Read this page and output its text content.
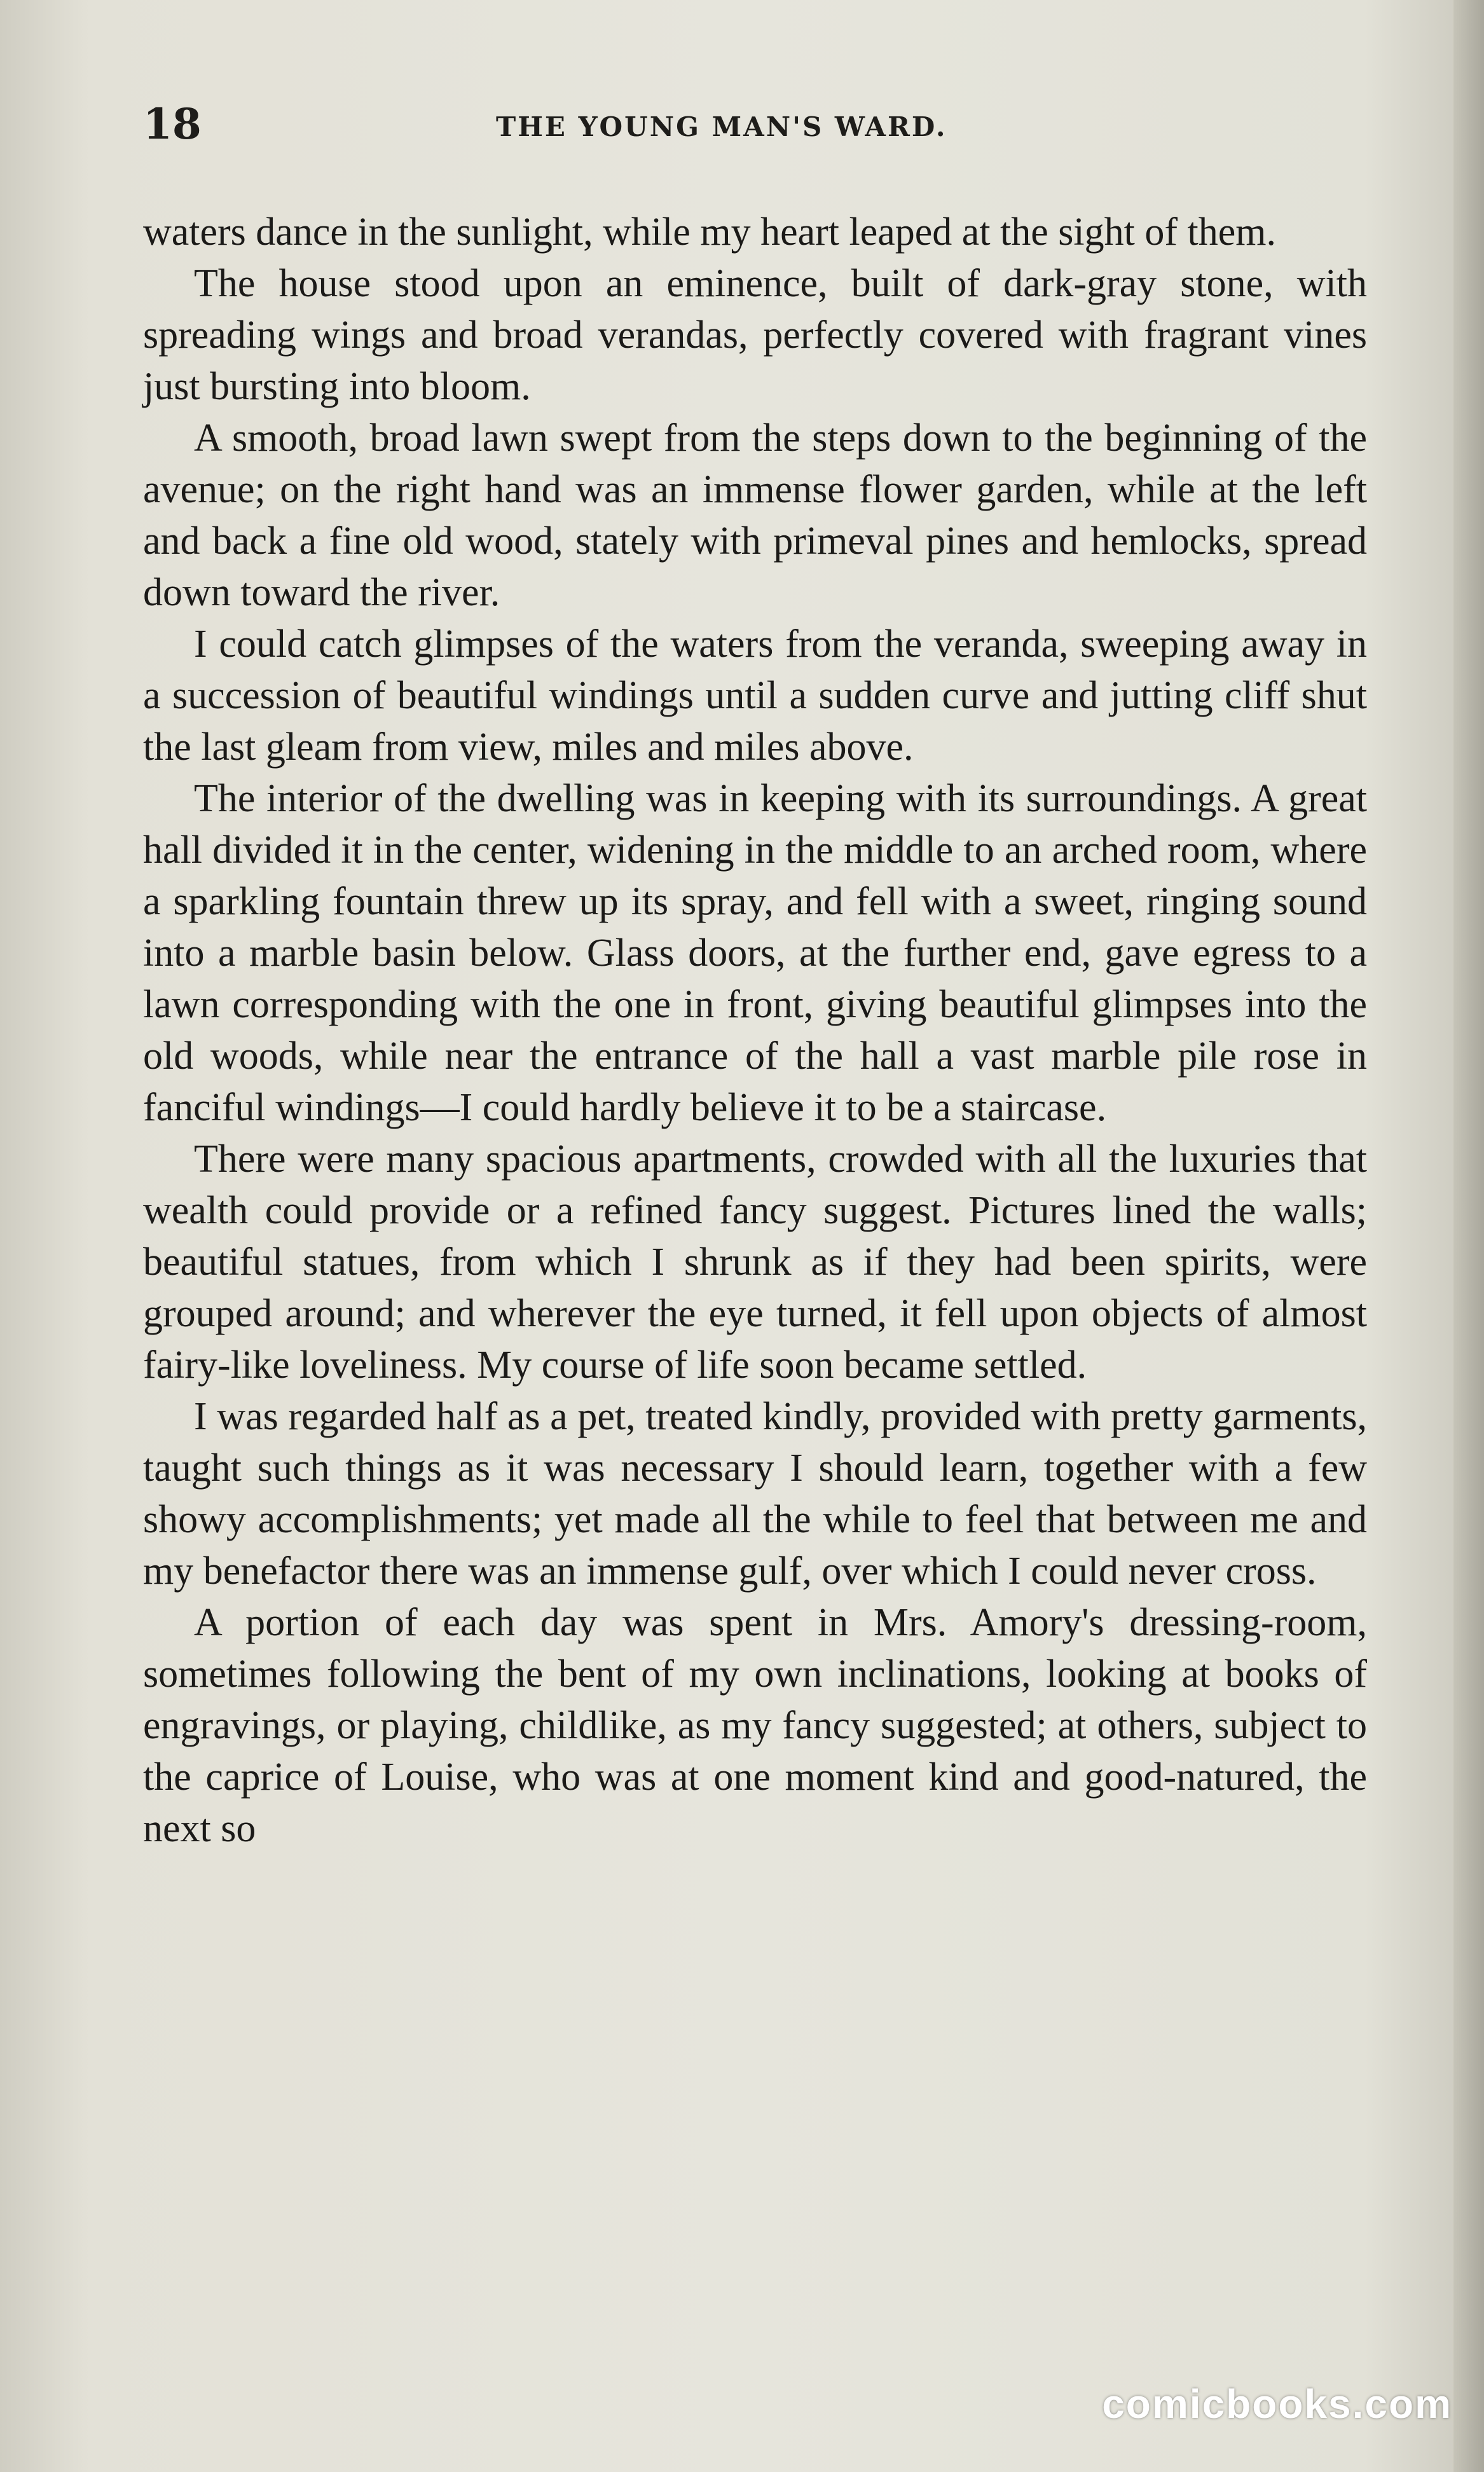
18	THE YOUNG MAN'S WARD.

waters dance in the sunlight, while my heart leaped at the sight of them.

The house stood upon an eminence, built of dark-gray stone, with spreading wings and broad verandas, perfectly covered with fragrant vines just bursting into bloom.

A smooth, broad lawn swept from the steps down to the beginning of the avenue; on the right hand was an immense flower garden, while at the left and back a fine old wood, stately with primeval pines and hemlocks, spread down toward the river.

I could catch glimpses of the waters from the veranda, sweeping away in a succession of beautiful windings until a sudden curve and jutting cliff shut the last gleam from view, miles and miles above.

The interior of the dwelling was in keeping with its surroundings. A great hall divided it in the center, widening in the middle to an arched room, where a sparkling fountain threw up its spray, and fell with a sweet, ringing sound into a marble basin below. Glass doors, at the further end, gave egress to a lawn corresponding with the one in front, giving beautiful glimpses into the old woods, while near the entrance of the hall a vast marble pile rose in fanciful windings—I could hardly believe it to be a staircase.

There were many spacious apartments, crowded with all the luxuries that wealth could provide or a refined fancy suggest. Pictures lined the walls; beautiful statues, from which I shrunk as if they had been spirits, were grouped around; and wherever the eye turned, it fell upon objects of almost fairy-like loveliness. My course of life soon became settled.

I was regarded half as a pet, treated kindly, provided with pretty garments, taught such things as it was necessary I should learn, together with a few showy accomplishments; yet made all the while to feel that between me and my benefactor there was an immense gulf, over which I could never cross.

A portion of each day was spent in Mrs. Amory's dressing-room, sometimes following the bent of my own inclinations, looking at books of engravings, or playing, childlike, as my fancy suggested; at others, subject to the caprice of Louise, who was at one moment kind and good-natured, the next so

comicbooks.com
